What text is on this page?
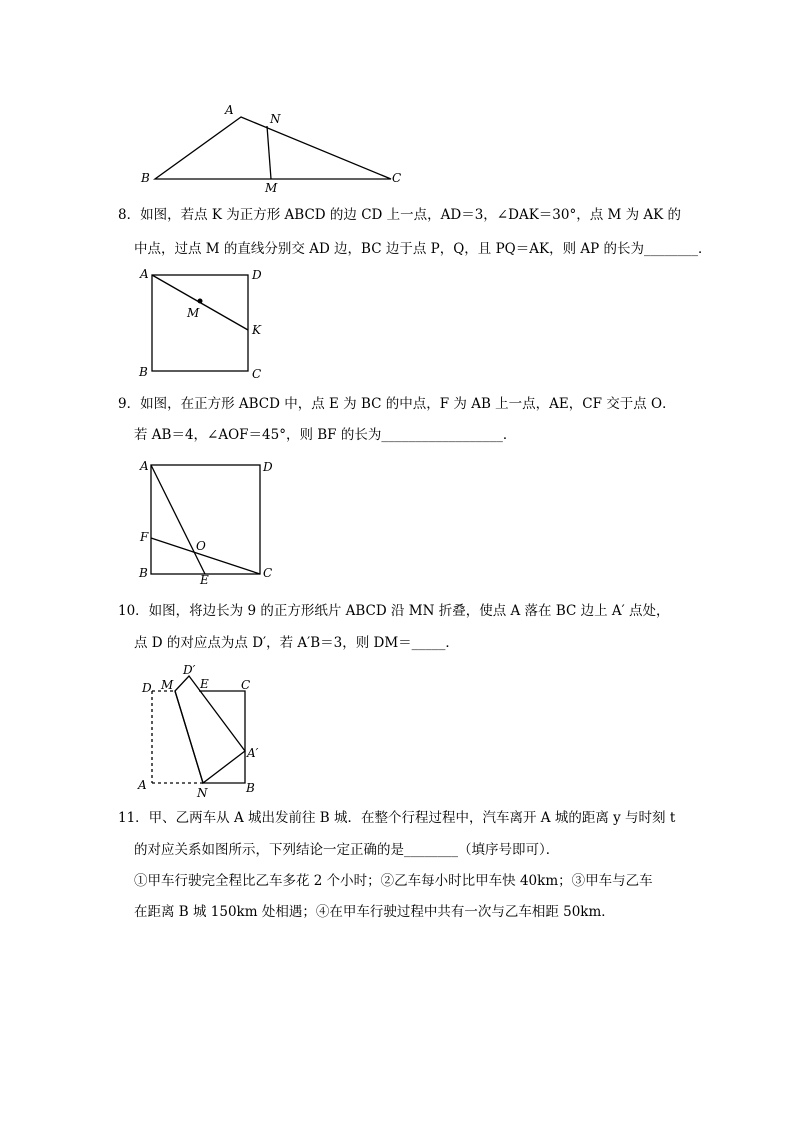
A
N
B
M
C
8．如图，若点 K 为正方形 ABCD 的边 CD 上一点，AD＝3，∠DAK＝30°，点 M 为 AK 的
中点，过点 M 的直线分别交 AD 边，BC 边于点 P，Q，且 PQ＝AK，则 AP 的长为________．
A	D
M
K
B	C
9．如图，在正方形 ABCD 中，点 E 为 BC 的中点，F 为 AB 上一点，AE，CF 交于点 O．
若 AB＝4，∠AOF＝45°，则 BF 的长为__________________．
A	D
F
O
B	E	C
10．如图，将边长为 9 的正方形纸片 ABCD 沿 MN 折叠，使点 A 落在 BC 边上 A′ 点处，
点 D 的对应点为点 D′，若 A′B＝3，则 DM＝_____．
D′
D M E	C
A′
A
N	B
11．甲、乙两车从 A 城出发前往 B 城．在整个行程过程中，汽车离开 A 城的距离 y 与时刻 t
的对应关系如图所示，下列结论一定正确的是________（填序号即可）．
①甲车行驶完全程比乙车多花 2 个小时；②乙车每小时比甲车快 40km；③甲车与乙车
在距离 B 城 150km 处相遇；④在甲车行驶过程中共有一次与乙车相距 50km．
